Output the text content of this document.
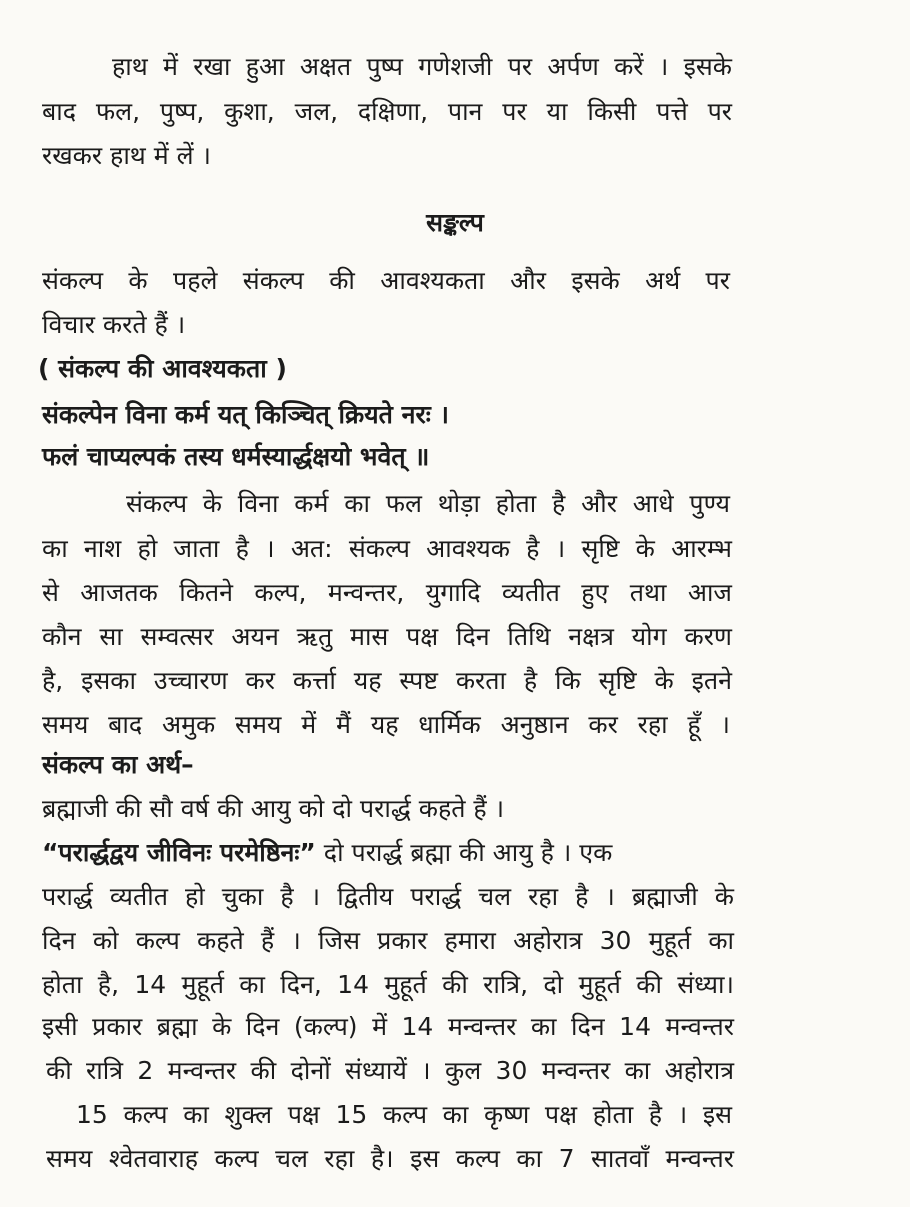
हाथ में रखा हुआ अक्षत पुष्प गणेशजी पर अर्पण करें । इसके
बाद फल, पुष्प, कुशा, जल, दक्षिणा, पान पर या किसी पत्ते पर
रखकर हाथ में लें ।
सङ्कल्प
संकल्प के पहले संकल्प की आवश्यकता और इसके अर्थ पर
विचार करते हैं ।
( संकल्प की आवश्यकता )
संकल्पेन विना कर्म यत् किञ्चित् क्रियते नरः ।
फलं चाप्यल्पकं तस्य धर्मस्यार्द्धक्षयो भवेत् ॥
संकल्प के विना कर्म का फल थोड़ा होता है और आधे पुण्य
का नाश हो जाता है । अत: संकल्प आवश्यक है । सृष्टि के आरम्भ
से आजतक कितने कल्प, मन्वन्तर, युगादि व्यतीत हुए तथा आज
कौन सा सम्वत्सर अयन ऋतु मास पक्ष दिन तिथि नक्षत्र योग करण
है, इसका उच्चारण कर कर्त्ता यह स्पष्ट करता है कि सृष्टि के इतने
समय बाद अमुक समय में मैं यह धार्मिक अनुष्ठान कर रहा हूँ ।
संकल्प का अर्थ–
ब्रह्माजी की सौ वर्ष की आयु को दो परार्द्ध कहते हैं ।
“परार्द्धद्वय जीविनः परमेष्ठिनः” दो परार्द्ध ब्रह्मा की आयु है । एक
परार्द्ध व्यतीत हो चुका है । द्वितीय परार्द्ध चल रहा है । ब्रह्माजी के
दिन को कल्प कहते हैं । जिस प्रकार हमारा अहोरात्र 30 मुहूर्त का
होता है, 14 मुहूर्त का दिन, 14 मुहूर्त की रात्रि, दो मुहूर्त की संध्या।
इसी प्रकार ब्रह्मा के दिन (कल्प) में 14 मन्वन्तर का दिन 14 मन्वन्तर
की रात्रि 2 मन्वन्तर की दोनों संध्यायें । कुल 30 मन्वन्तर का अहोरात्र
15 कल्प का शुक्ल पक्ष 15 कल्प का कृष्ण पक्ष होता है । इस
समय श्वेतवाराह कल्प चल रहा है। इस कल्प का 7 सातवाँ मन्वन्तर
